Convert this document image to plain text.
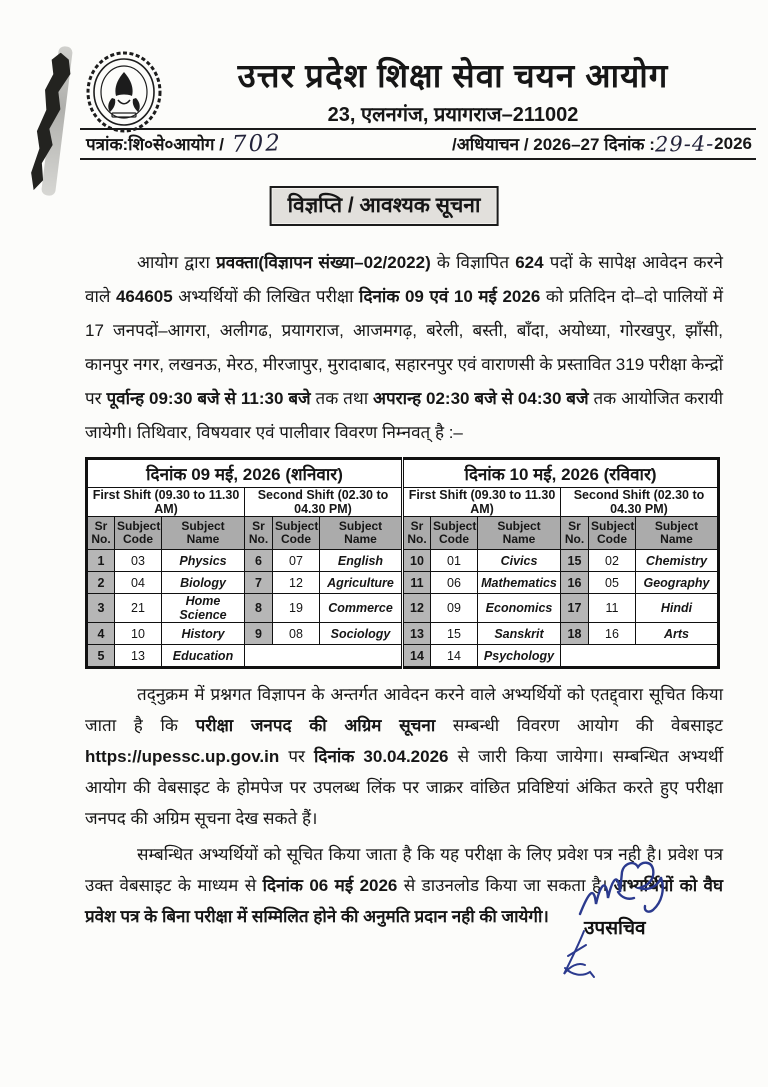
उत्तर प्रदेश शिक्षा सेवा चयन आयोग
23, एलनगंज, प्रयागराज–211002
पत्रांक:शि०से०आयोग / 702	/अधियाचन / 2026–27 दिनांक : 29-4- 2026
विज्ञप्ति / आवश्यक सूचना

आयोग द्वारा प्रवक्ता(विज्ञापन संख्या–02/2022) के विज्ञापित 624 पदों के सापेक्ष आवेदन करने वाले 464605 अभ्यर्थियों की लिखित परीक्षा दिनांक 09 एवं 10 मई 2026 को प्रतिदिन दो–दो पालियों में 17 जनपदों–आगरा, अलीगढ, प्रयागराज, आजमगढ़, बरेली, बस्ती, बाँदा, अयोध्या, गोरखपुर, झाँसी, कानपुर नगर, लखनऊ, मेरठ, मीरजापुर, मुरादाबाद, सहारनपुर एवं वाराणसी के प्रस्तावित 319 परीक्षा केन्द्रों पर पूर्वान्ह 09:30 बजे से 11:30 बजे तक तथा अपरान्ह 02:30 बजे से 04:30 बजे तक आयोजित करायी जायेगी। तिथिवार, विषयवार एवं पालीवार विवरण निम्नवत् है :–

दिनांक 09 मई, 2026 (शनिवार)						दिनांक 10 मई, 2026 (रविवार)					
First Shift (09.30 to 11.30 AM)			Second Shift (02.30 to 04.30 PM)			First Shift (09.30 to 11.30 AM)			Second Shift (02.30 to 04.30 PM)		
Sr No.	Subject Code	Subject Name	Sr No.	Subject Code	Subject Name	Sr No.	Subject Code	Subject Name	Sr No.	Subject Code	Subject Name
1	03	Physics	6	07	English	10	01	Civics	15	02	Chemistry
2	04	Biology	7	12	Agriculture	11	06	Mathematics	16	05	Geography
3	21	Home Science	8	19	Commerce	12	09	Economics	17	11	Hindi
4	10	History	9	08	Sociology	13	15	Sanskrit	18	16	Arts
5	13	Education				14	14	Psychology			

तद्नुक्रम में प्रश्नगत विज्ञापन के अन्तर्गत आवेदन करने वाले अभ्यर्थियों को एतद्द्वारा सूचित किया जाता है कि परीक्षा जनपद की अग्रिम सूचना सम्बन्धी विवरण आयोग की वेबसाइट https://upessc.up.gov.in पर दिनांक 30.04.2026 से जारी किया जायेगा। सम्बन्धित अभ्यर्थी आयोग की वेबसाइट के होमपेज पर उपलब्ध लिंक पर जाक्रर वांछित प्रविष्टियां अंकित करते हुए परीक्षा जनपद की अग्रिम सूचना देख सकते हैं।

सम्बन्धित अभ्यर्थियों को सूचित किया जाता है कि यह परीक्षा के लिए प्रवेश पत्र नही है। प्रवेश पत्र उक्त वेबसाइट के माध्यम से दिनांक 06 मई 2026 से डाउनलोड किया जा सकता है। अभ्यर्थियों को वैघ प्रवेश पत्र के बिना परीक्षा में सम्मिलित होने की अनुमति प्रदान नही की जायेगी।

उपसचिव
